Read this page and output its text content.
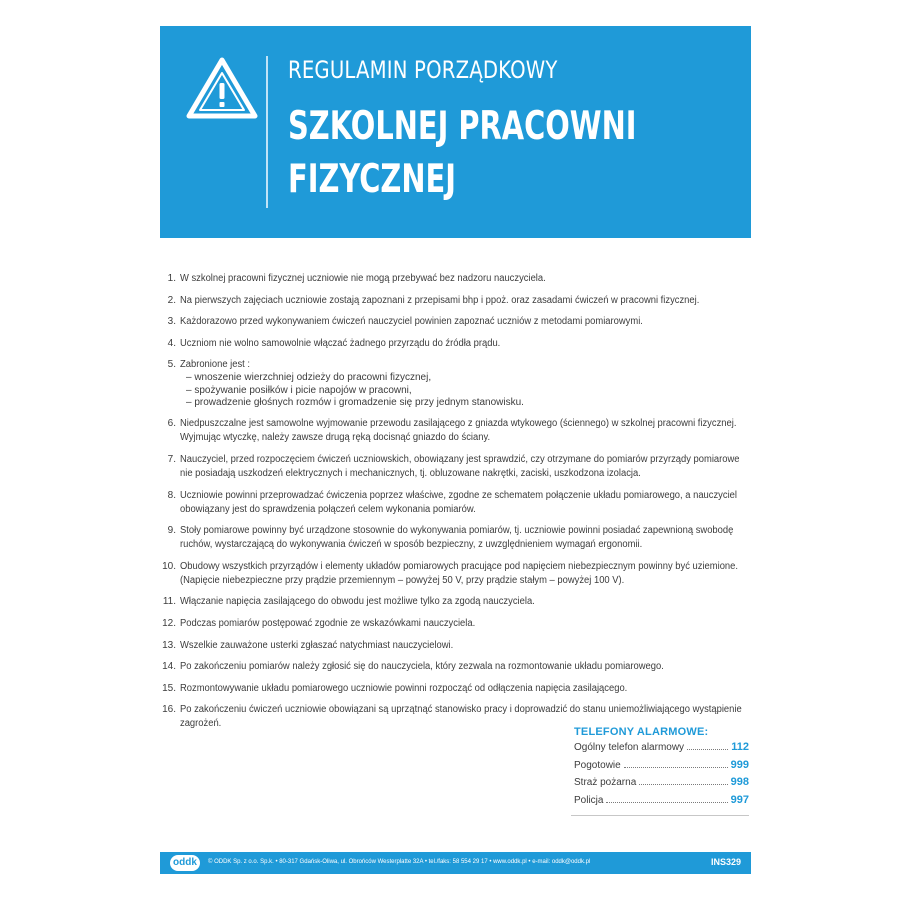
REGULAMIN PORZĄDKOWY
SZKOLNEJ PRACOWNI FIZYCZNEJ
1. W szkolnej pracowni fizycznej uczniowie nie mogą przebywać bez nadzoru nauczyciela.
2. Na pierwszych zajęciach uczniowie zostają zapoznani z przepisami bhp i ppoż. oraz zasadami ćwiczeń w pracowni fizycznej.
3. Każdorazowo przed wykonywaniem ćwiczeń nauczyciel powinien zapoznać uczniów z metodami pomiarowymi.
4. Uczniom nie wolno samowolnie włączać żadnego przyrządu do źródła prądu.
5. Zabronione jest :
– wnoszenie wierzchniej odzieży do pracowni fizycznej,
– spożywanie posiłków i picie napojów w pracowni,
– prowadzenie głośnych rozmów i gromadzenie się przy jednym stanowisku.
6. Niedpuszczalne jest samowolne wyjmowanie przewodu zasilającego z gniazda wtykowego (ściennego) w szkolnej pracowni fizycznej. Wyjmując wtyczkę, należy zawsze drugą ręką docisnąć gniazdo do ściany.
7. Nauczyciel, przed rozpoczęciem ćwiczeń uczniowskich, obowiązany jest sprawdzić, czy otrzymane do pomiarów przyrządy pomiarowe nie posiadają uszkodzeń elektrycznych i mechanicznych, tj. obluzowane nakrętki, zaciski, uszkodzona izolacja.
8. Uczniowie powinni przeprowadzać ćwiczenia poprzez właściwe, zgodne ze schematem połączenie układu pomiarowego, a nauczyciel obowiązany jest do sprawdzenia połączeń celem wykonania pomiarów.
9. Stoły pomiarowe powinny być urządzone stosownie do wykonywania pomiarów, tj. uczniowie powinni posiadać zapewnioną swobodę ruchów, wystarczającą do wykonywania ćwiczeń w sposób bezpieczny, z uwzględnieniem wymagań ergonomii.
10. Obudowy wszystkich przyrządów i elementy układów pomiarowych pracujące pod napięciem niebezpiecznym powinny być uziemione. (Napięcie niebezpieczne przy prądzie przemiennym – powyżej 50 V, przy prądzie stałym – powyżej 100 V).
11. Włączanie napięcia zasilającego do obwodu jest możliwe tylko za zgodą nauczyciela.
12. Podczas pomiarów postępować zgodnie ze wskazówkami nauczyciela.
13. Wszelkie zauważone usterki zgłaszać natychmiast nauczycielowi.
14. Po zakończeniu pomiarów należy zgłosić się do nauczyciela, który zezwala na rozmontowanie układu pomiarowego.
15. Rozmontowywanie układu pomiarowego uczniowie powinni rozpocząć od odłączenia napięcia zasilającego.
16. Po zakończeniu ćwiczeń uczniowie obowiązani są uprzątnąć stanowisko pracy i doprowadzić do stanu uniemożliwiającego wystąpienie zagrożeń.
TELEFONY ALARMOWE:
Ogólny telefon alarmowy	112
Pogotowie	999
Straż pożarna	998
Policja	997
oddk	© ODDK Sp. z o.o. Sp.k. • 80-317 Gdańsk-Oliwa, ul. Obrońców Westerplatte 32A • tel./faks: 58 554 29 17 • www.oddk.pl • e-mail: oddk@oddk.pl	INS329
